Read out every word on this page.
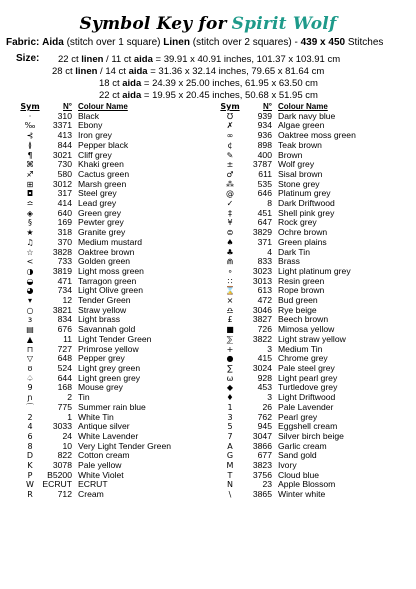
Symbol Key for Spirit Wolf
Fabric: Aida (stitch over 1 square) Linen (stitch over 2 squares) - 439 x 450 Stitches
Size: 22 ct linen / 11 ct aida = 39.91 x 40.91 inches, 101.37 x 103.91 cm
28 ct linen / 14 ct aida = 31.36 x 32.14 inches, 79.65 x 81.64 cm
18 ct aida = 24.39 x 25.00 inches, 61.95 x 63.50 cm
22 ct aida = 19.95 x 20.45 inches, 50.68 x 51.95 cm
Sym	N°	Colour Name
·	310	Black
‰	3371	Ebony
⊰	413	Iron grey
≬	844	Pepper black
¶	3021	Cliff grey
⌘	730	Khaki green
♐	580	Cactus green
⊞	3012	Marsh green
◘	317	Steel grey
≏	414	Lead grey
◈	640	Green grey
§	169	Pewter grey
★	318	Granite grey
♫	370	Medium mustard
☆	3828	Oaktree brown
<	733	Golden green
◑	3819	Light moss green
◒	471	Tarragon green
◕	734	Light Olive green
▾	12	Tender Green
○	3821	Straw yellow
ɜ	834	Light brass
▤	676	Savannah gold
▲	11	Light Tender Green
⊓	727	Primrose yellow
▽	648	Pepper grey
ʊ	524	Light grey green
♤	644	Light green grey
9	168	Mouse grey
ɲ	2	Tin
⌒	775	Summer rain blue
2	1	White Tin
4	3033	Antique silver
6	24	White Lavender
8	10	Very Light Tender Green
D	822	Cotton cream
K	3078	Pale yellow
P	B5200	White Violet
W	ECRUT	ECRUT
R	712	Cream
Sym	N°	Colour Name
℧	939	Dark navy blue
✗	934	Algae green
∞	936	Oaktree moss green
¢	898	Teak brown
✎	400	Brown
±	3787	Wolf grey
♂	611	Sisal brown
⁂	535	Stone grey
@	646	Platinum grey
✓	8	Dark Driftwood
‡	451	Shell pink grey
¥	647	Rock grey
⊜	3829	Ochre brown
♠	371	Green plains
♣	4	Dark Tin
⋒	833	Brass
∘	3023	Light platinum grey
∷	3013	Resin green
⌛	613	Rope brown
×	472	Bud green
♎	3046	Rye beige
£	3827	Beech brown
■	726	Mimosa yellow
⅀	3822	Light straw yellow
+	3	Medium Tin
●	415	Chrome grey
∑	3024	Pale steel grey
ω	928	Light pearl grey
◆	453	Turtledove grey
♦	3	Light Driftwood
1	26	Pale Lavender
3	762	Pearl grey
5	945	Eggshell cream
7	3047	Silver birch beige
A	3866	Garlic cream
G	677	Sand gold
M	3823	Ivory
T	3756	Cloud blue
N	23	Apple Blossom
\	3865	Winter white
